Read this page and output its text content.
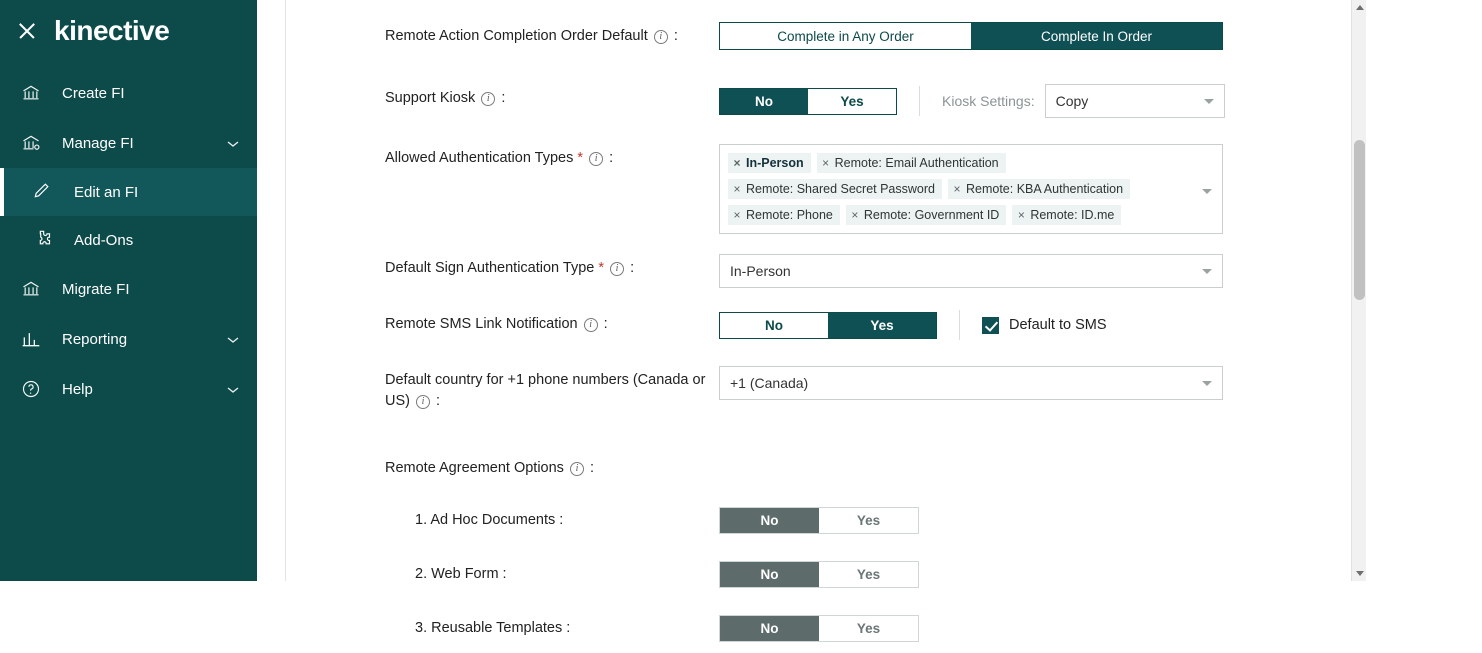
kinective
Create FI
Manage FI
Edit an FI
Add-Ons
Migrate FI
Reporting
Help
Remote Action Completion Order Default i :	Complete in Any Order	Complete In Order
Support Kiosk i :	No	Yes	Kiosk Settings: Copy
Allowed Authentication Types * i :	× In-Person	× Remote: Email Authentication
× Remote: Shared Secret Password	× Remote: KBA Authentication
× Remote: Phone	× Remote: Government ID	× Remote: ID.me
Default Sign Authentication Type * i :	In-Person
Remote SMS Link Notification i :	No	Yes	Default to SMS
Default country for +1 phone numbers (Canada or US) i :
+1 (Canada)
Remote Agreement Options i :
1. Ad Hoc Documents :	No	Yes
2. Web Form :	No	Yes
3. Reusable Templates :	No	Yes
